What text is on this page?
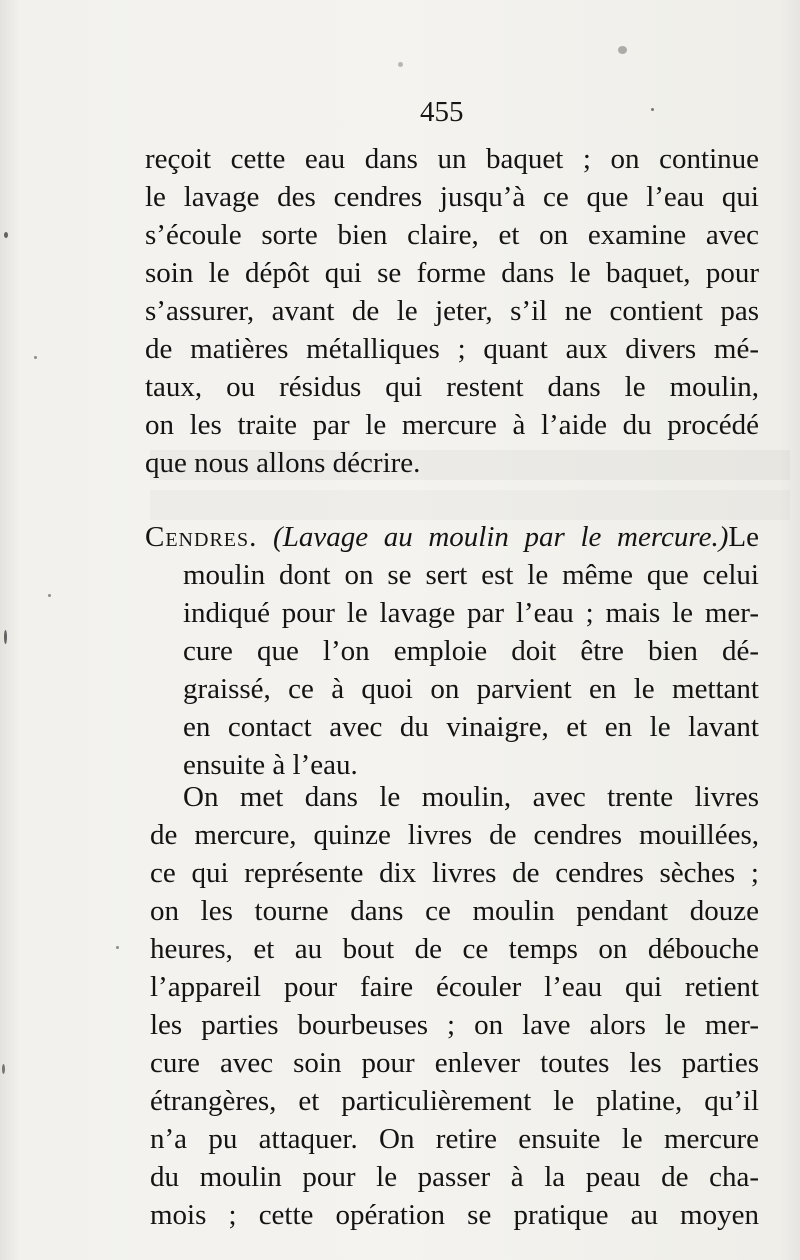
455
reçoit cette eau dans un baquet ; on continue
le lavage des cendres jusqu’à ce que l’eau qui
s’écoule sorte bien claire, et on examine avec
soin le dépôt qui se forme dans le baquet, pour
s’assurer, avant de le jeter, s’il ne contient pas
de matières métalliques ; quant aux divers mé-
taux, ou résidus qui restent dans le moulin,
on les traite par le mercure à l’aide du procédé
que nous allons décrire.
Cendres. (Lavage au moulin par le mercure.)Le
moulin dont on se sert est le même que celui
indiqué pour le lavage par l’eau ; mais le mer-
cure que l’on emploie doit être bien dé-
graissé, ce à quoi on parvient en le mettant
en contact avec du vinaigre, et en le lavant
ensuite à l’eau.
On met dans le moulin, avec trente livres
de mercure, quinze livres de cendres mouillées,
ce qui représente dix livres de cendres sèches ;
on les tourne dans ce moulin pendant douze
heures, et au bout de ce temps on débouche
l’appareil pour faire écouler l’eau qui retient
les parties bourbeuses ; on lave alors le mer-
cure avec soin pour enlever toutes les parties
étrangères, et particulièrement le platine, qu’il
n’a pu attaquer. On retire ensuite le mercure
du moulin pour le passer à la peau de cha-
mois ; cette opération se pratique au moyen
